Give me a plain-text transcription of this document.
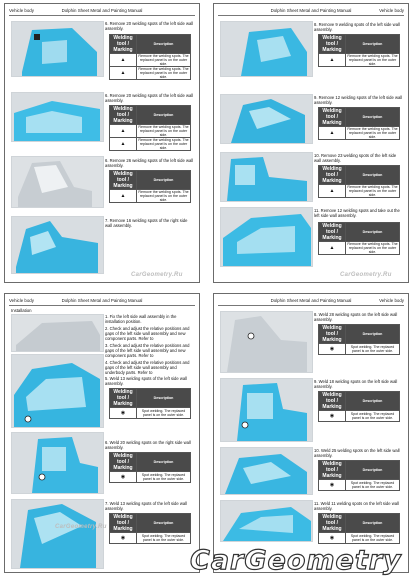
Vehicle body	Dolphin Sheet Metal and Painting Manual
6. Remove 20 welding spots of the left side wall assembly.
Welding tool / Marking	Description
▲	Remove the welding spots. The replaced panel is on the outer side.
▲	Remove the welding spots. The replaced panel is on the outer side.
6. Remove 20 welding spots of the left side wall assembly.
Welding tool / Marking	Description
▲	Remove the welding spots. The replaced panel is on the outer side.
▲	Remove the welding spots. The replaced panel is on the outer side.
6. Remove 26 welding spots of the left side wall assembly.
Welding tool / Marking	Description
▲	Remove the welding spots. The replaced panel is on the outer side.
7. Remove 16 welding spots of the right side wall assembly.
CarGeometry.Ru
Dolphin Sheet Metal and Painting Manual	Vehicle body
8. Remove 9 welding spots of the left side wall assembly.
Welding tool / Marking	Description
▲	Remove the welding spots. The replaced panel is on the outer side.
9. Remove 12 welding spots of the left side wall assembly.
Welding tool / Marking	Description
▲	Remove the welding spots. The replaced panel is on the outer side.
10. Remove 23 welding spots of the left side wall assembly.
Welding tool / Marking	Description
▲	Remove the welding spots. The replaced panel is on the outer side.
11. Remove 12 welding spots and take out the left side wall assembly.
Welding tool / Marking	Description
▲	Remove the welding spots. The replaced panel is on the outer side.
CarGeometry.Ru
Vehicle body	Dolphin Sheet Metal and Painting Manual
Installation
1. Fix the left side wall assembly in the installation position.
2. Check and adjust the relative positions and gaps of the left side wall assembly and new component parts. Refer to
3. Check and adjust the relative positions and gaps of the left side wall assembly and new component parts. Refer to
4. Check and adjust the relative positions and gaps of the left side wall assembly and underbody parts. Refer to
5. Weld 13 welding spots of the left side wall assembly.
Welding tool / Marking	Description
◉	Spot welding. The replaced panel is on the outer side.
6. Weld 20 welding spots on the right side wall assembly.
Welding tool / Marking	Description
◉	Spot welding. The replaced panel is on the outer side.
7. Weld 13 welding spots of the left side wall assembly.
Welding tool / Marking	Description
◉	Spot welding. The replaced panel is on the outer side.
CarGeometry.Ru
Dolphin Sheet Metal and Painting Manual	Vehicle body
8. Weld 28 welding spots on the left side wall assembly.
Welding tool / Marking	Description
◉	Spot welding. The replaced panel is on the outer side.
9. Weld 18 welding spots on the left side wall assembly.
Welding tool / Marking	Description
◉	Spot welding. The replaced panel is on the outer side.
10. Weld 25 welding spots on the left side wall assembly.
Welding tool / Marking	Description
◉	Spot welding. The replaced panel is on the outer side.
11. Weld 11 welding spots on the left side wall assembly.
Welding tool / Marking	Description
◉	Spot welding. The replaced panel is on the outer side.
CarGeometry
